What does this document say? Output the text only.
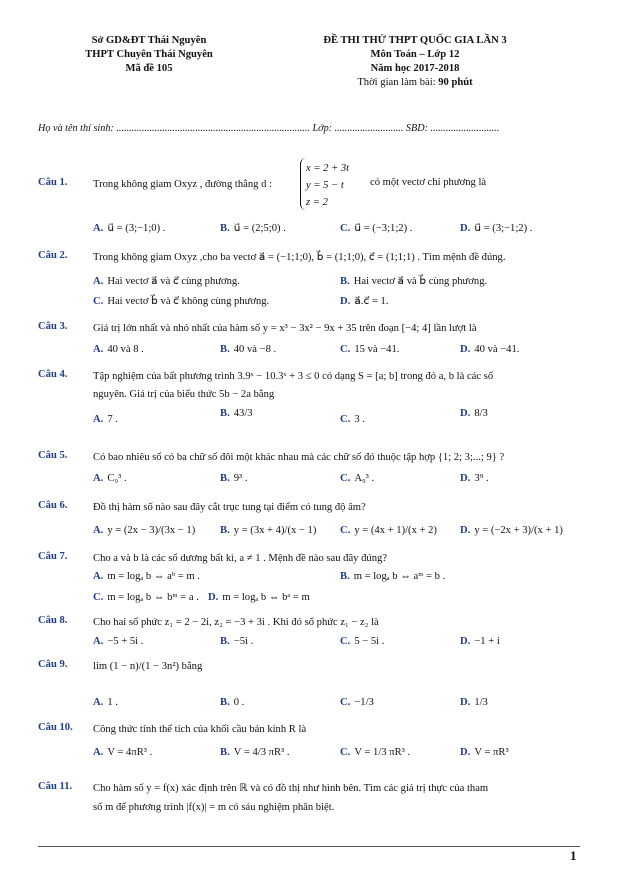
Sở GD&ĐT Thái Nguyên
THPT Chuyên Thái Nguyên
Mã đề 105
ĐỀ THI THỬ THPT QUỐC GIA LẦN 3
Môn Toán – Lớp 12
Năm học 2017-2018
Thời gian làm bài: 90 phút
Họ và tên thí sinh: ............................................................................ Lớp: ........................... SBD: ...........................
Câu 1. Trong không giam Oxyz , đường thẳng d :
x = 2 + 3t
y = 5 − t
z = 2
có một vectơ chỉ phương là
A. u⃗ = (3;−1;0) .	B. u⃗ = (2;5;0) .	C. u⃗ = (−3;1;2) .	D. u⃗ = (3;−1;2) .
Câu 2. Trong không giam Oxyz ,cho ba vectơ a⃗ = (−1;1;0), b⃗ = (1;1;0), c⃗ = (1;1;1) . Tìm mệnh đề đúng.
A. Hai vectơ a⃗ và c⃗ cùng phương.	B. Hai vectơ a⃗ và b⃗ cùng phương.
C. Hai vectơ b⃗ và c⃗ không cùng phương.	D. a⃗.c⃗ = 1.
Câu 3. Giá trị lớn nhất và nhỏ nhất của hàm số y = x³ − 3x² − 9x + 35 trên đoạn [−4; 4] lần lượt là
A. 40 và 8 .	B. 40 và −8 .	C. 15 và −41.	D. 40 và −41.
Câu 4. Tập nghiệm của bất phương trình 3.9ˣ − 10.3ˣ + 3 ≤ 0 có dạng S = [a; b] trong đó a, b là các số
nguyên. Giá trị của biểu thức 5b − 2a bằng
A. 7 .
B. 43/3
C. 3 .
D. 8/3
Câu 5. Có bao nhiêu số có ba chữ số đôi một khác nhau mà các chữ số đó thuộc tập hợp {1; 2; 3;...; 9} ?
A. C₉³ .	B. 9³ .	C. A₉³ .	D. 3⁹ .
Câu 6. Đồ thị hàm số nào sau đây cắt trục tung tại điểm có tung độ âm?
A. y = (2x − 3)/(3x − 1) B. y = (3x + 4)/(x − 1) C. y = (4x + 1)/(x + 2) D. y = (−2x + 3)/(x + 1)
Câu 7. Cho a và b là các số dương bất kì, a ≠ 1 . Mệnh đề nào sau đây đúng?
A. m = logₐ b ⇔ aᵇ = m .	B. m = logₐ b ⇔ aᵐ = b .
C. m = logₐ b ⇔ bᵐ = a . D. m = logₐ b ⇔ bᵃ = m
Câu 8. Cho hai số phức z₁ = 2 − 2i, z₂ = −3 + 3i . Khi đó số phức z₁ − z₂ là
A. −5 + 5i .	B. −5i .	C. 5 − 5i .	D. −1 + i
Câu 9. lim (1 − n)/(1 − 3n²) bằng
A. 1 .	B. 0 .	C. −1/3	D. 1/3
Câu 10. Công thức tính thể tích của khối cầu bán kính R là
A. V = 4πR³ .	B. V = 4/3 πR³ .	C. V = 1/3 πR³ .	D. V = πR³
Câu 11. Cho hàm số y = f(x) xác định trên ℝ và có đồ thị như hình bên. Tìm các giá trị thực của tham
số m để phương trình |f(x)| = m có sáu nghiệm phân biệt.
1
